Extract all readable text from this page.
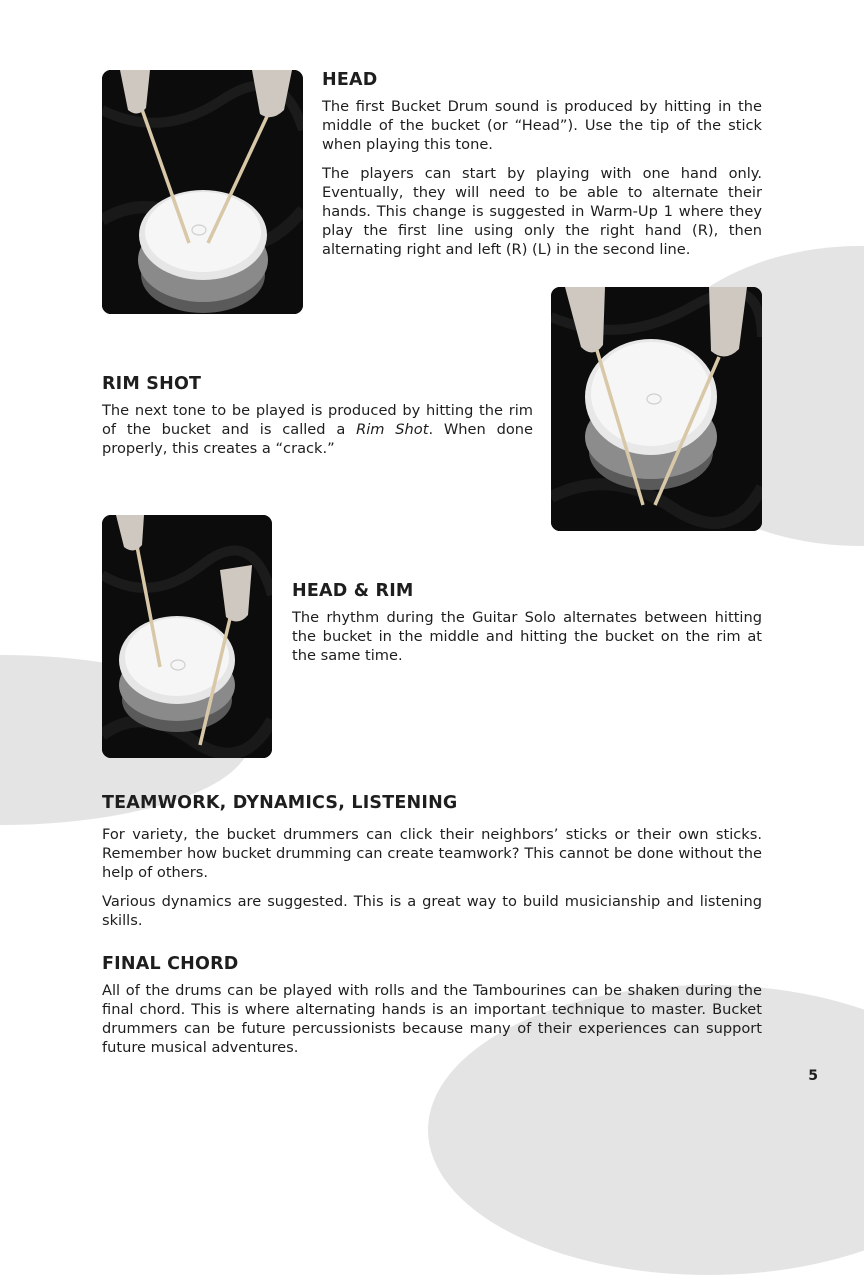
HEAD

The first Bucket Drum sound is produced by hitting in the middle of the bucket (or “Head”). Use the tip of the stick when playing this tone.

The players can start by playing with one hand only. Eventually, they will need to be able to alternate their hands. This change is suggested in Warm-Up 1 where they play the first line using only the right hand (R), then alternating right and left (R) (L) in the second line.

RIM SHOT

The next tone to be played is produced by hitting the rim of the bucket and is called a Rim Shot. When done properly, this creates a “crack.”

HEAD & RIM

The rhythm during the Guitar Solo alternates between hitting the bucket in the middle and hitting the bucket on the rim at the same time.

TEAMWORK, DYNAMICS, LISTENING

For variety, the bucket drummers can click their neighbors’ sticks or their own sticks. Remember how bucket drumming can create teamwork? This cannot be done without the help of others.

Various dynamics are suggested. This is a great way to build musicianship and listening skills.

FINAL CHORD

All of the drums can be played with rolls and the Tambourines can be shaken during the final chord. This is where alternating hands is an important technique to master. Bucket drummers can be future percussionists because many of their experiences can support future musical adventures.

5
